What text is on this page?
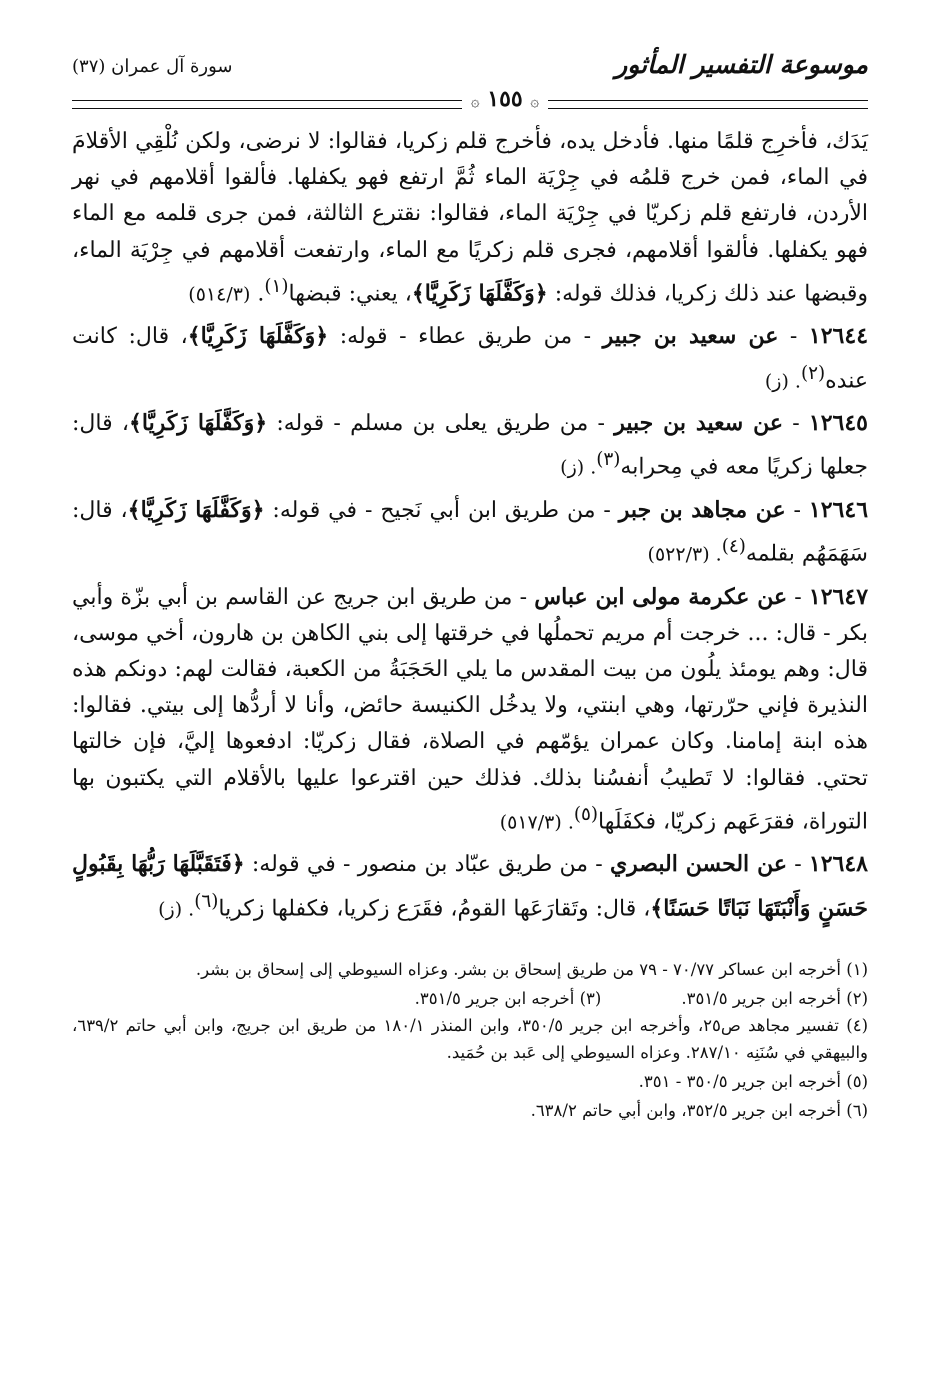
موسوعة التفسير المأثور
سورة آل عمران (٣٧)
۞ ١٥٥ ۞

يَدَك، فأخرِج قلمًا منها. فأدخل يده، فأخرج قلم زكريا، فقالوا: لا نرضى، ولكن نُلْقِي الأقلامَ في الماء، فمن خرج قلمُه في جِرْيَة الماء ثُمَّ ارتفع فهو يكفلها. فألقوا أقلامهم في نهر الأردن، فارتفع قلم زكريّا في جِرْيَة الماء، فقالوا: نقترع الثالثة، فمن جرى قلمه مع الماء فهو يكفلها. فألقوا أقلامهم، فجرى قلم زكريًا مع الماء، وارتفعت أقلامهم في جِرْيَة الماء، وقبضها عند ذلك زكريا، فذلك قوله: ﴿وَكَفَّلَهَا زَكَرِيَّا﴾، يعني: قبضها$^{(١)}$. (٥١٤/٣)

١٢٦٤٤ - عن سعيد بن جبير - من طريق عطاء - قوله: ﴿وَكَفَّلَهَا زَكَرِيَّا﴾، قال: كانت عنده$^{(٢)}$. (ز)

١٢٦٤٥ - عن سعيد بن جبير - من طريق يعلى بن مسلم - قوله: ﴿وَكَفَّلَهَا زَكَرِيَّا﴾، قال: جعلها زكريًا معه في مِحرابه$^{(٣)}$. (ز)

١٢٦٤٦ - عن مجاهد بن جبر - من طريق ابن أبي نَجيح - في قوله: ﴿وَكَفَّلَهَا زَكَرِيَّا﴾، قال: سَهَمَهُم بقلمه$^{(٤)}$. (٥٢٢/٣)

١٢٦٤٧ - عن عكرمة مولى ابن عباس - من طريق ابن جريج عن القاسم بن أبي بزّة وأبي بكر - قال: ... خرجت أم مريم تحملُها في خرقتها إلى بني الكاهن بن هارون، أخي موسى، قال: وهم يومئذ يلُون من بيت المقدس ما يلي الحَجَبَةُ من الكعبة، فقالت لهم: دونكم هذه النذيرة فإني حرّرتها، وهي ابنتي، ولا يدخُل الكنيسة حائض، وأنا لا أردُّها إلى بيتي. فقالوا: هذه ابنة إمامنا. وكان عمران يؤمّهم في الصلاة، فقال زكريّا: ادفعوها إليَّ، فإن خالتها تحتي. فقالوا: لا تَطيبُ أنفسُنا بذلك. فذلك حين اقترعوا عليها بالأقلام التي يكتبون بها التوراة، فقرَعَهم زكريّا، فكفَلَها$^{(٥)}$. (٥١٧/٣)

١٢٦٤٨ - عن الحسن البصري - من طريق عبّاد بن منصور - في قوله: ﴿فَتَقَبَّلَهَا رَبُّهَا بِقَبُولٍ حَسَنٍ وَأَنْبَتَهَا نَبَاتًا حَسَنًا﴾، قال: وتَقارَعَها القومُ، فقَرَع زكريا، فكفلها زكريا$^{(٦)}$. (ز)

(١) أخرجه ابن عساكر ٧٠/٧٧ - ٧٩ من طريق إسحاق بن بشر. وعزاه السيوطي إلى إسحاق بن بشر.

(٢) أخرجه ابن جرير ٣٥١/٥.
(٣) أخرجه ابن جرير ٣٥١/٥.

(٤) تفسير مجاهد ص٢٥، وأخرجه ابن جرير ٣٥٠/٥، وابن المنذر ١٨٠/١ من طريق ابن جريج، وابن أبي حاتم ٦٣٩/٢، والبيهقي في سُنَنِه ٢٨٧/١٠. وعزاه السيوطي إلى عَبد بن حُمَيد.

(٥) أخرجه ابن جرير ٣٥٠/٥ - ٣٥١.

(٦) أخرجه ابن جرير ٣٥٢/٥، وابن أبي حاتم ٦٣٨/٢.
